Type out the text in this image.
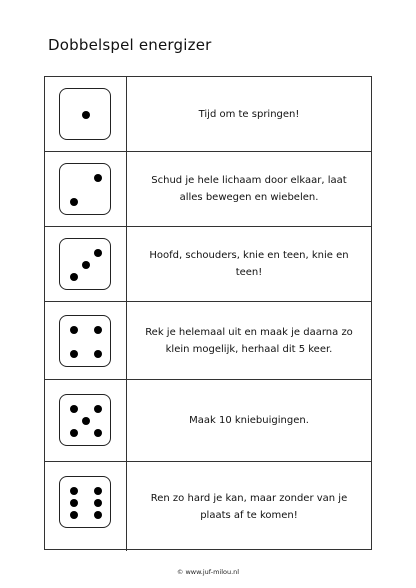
Dobbelspel energizer
Tijd om te springen!
Schud je hele lichaam door elkaar, laat alles bewegen en wiebelen.
Hoofd, schouders, knie en teen, knie en teen!
Rek je helemaal uit en maak je daarna zo klein mogelijk, herhaal dit 5 keer.
Maak 10 kniebuigingen.
Ren zo hard je kan, maar zonder van je plaats af te komen!
© www.juf-milou.nl
